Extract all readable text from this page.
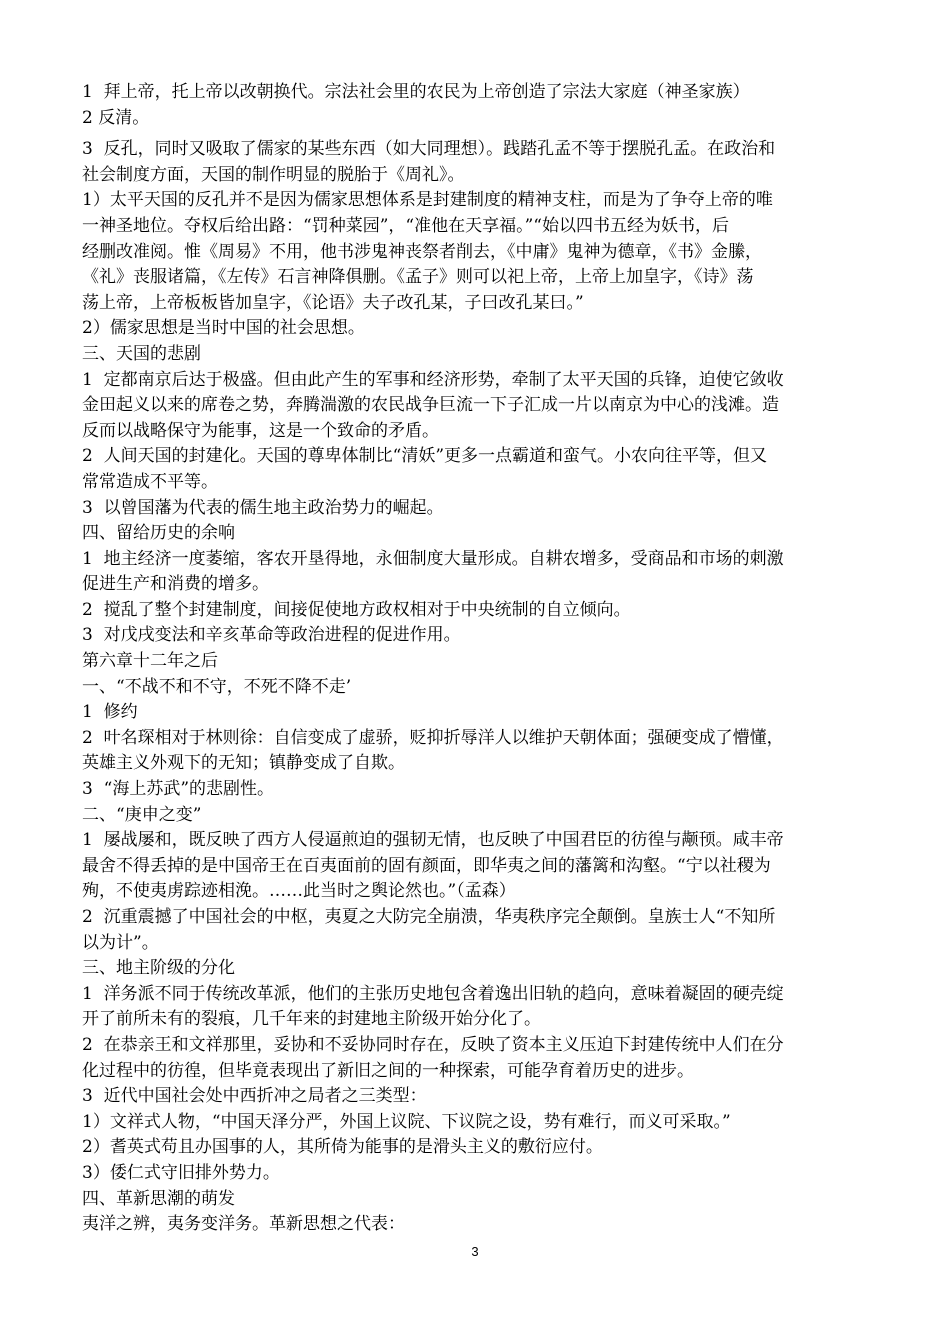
1  拜上帝，托上帝以改朝换代。宗法社会里的农民为上帝创造了宗法大家庭（神圣家族）

2 反清。

3  反孔，同时又吸取了儒家的某些东西（如大同理想）。践踏孔孟不等于摆脱孔孟。在政治和

社会制度方面，天国的制作明显的脱胎于《周礼》。

1）太平天国的反孔并不是因为儒家思想体系是封建制度的精神支柱，而是为了争夺上帝的唯

一神圣地位。夺权后给出路：“罚种菜园”，“准他在天享福。”“始以四书五经为妖书，后

经删改准阅。惟《周易》不用，他书涉鬼神丧祭者削去，《中庸》鬼神为德章，《书》金縢，

《礼》丧服诸篇，《左传》石言神降俱删。《孟子》则可以祀上帝，上帝上加皇字，《诗》荡

荡上帝，上帝板板皆加皇字，《论语》夫子改孔某，子曰改孔某曰。”

2）儒家思想是当时中国的社会思想。

三、天国的悲剧

1  定都南京后达于极盛。但由此产生的军事和经济形势，牵制了太平天国的兵锋，迫使它敛收

金田起义以来的席卷之势，奔腾湍激的农民战争巨流一下子汇成一片以南京为中心的浅滩。造

反而以战略保守为能事，这是一个致命的矛盾。

2  人间天国的封建化。天国的尊卑体制比“清妖”更多一点霸道和蛮气。小农向往平等，但又

常常造成不平等。

3  以曾国藩为代表的儒生地主政治势力的崛起。

四、留给历史的余响

1  地主经济一度萎缩，客农开垦得地，永佃制度大量形成。自耕农增多，受商品和市场的刺激

促进生产和消费的增多。

2  搅乱了整个封建制度，间接促使地方政权相对于中央统制的自立倾向。

3  对戊戌变法和辛亥革命等政治进程的促进作用。

第六章十二年之后

一、“不战不和不守，不死不降不走’

1  修约

2  叶名琛相对于林则徐：自信变成了虚骄，贬抑折辱洋人以维护天朝体面；强硬变成了懵懂，

英雄主义外观下的无知；镇静变成了自欺。

3  “海上苏武”的悲剧性。

二、“庚申之变”

1  屡战屡和，既反映了西方人侵逼煎迫的强韧无情，也反映了中国君臣的彷徨与颟顸。咸丰帝

最舍不得丢掉的是中国帝王在百夷面前的固有颜面，即华夷之间的藩篱和沟壑。“宁以社稷为

殉，不使夷虏踪迹相浼。……此当时之舆论然也。”（孟森）

2  沉重震撼了中国社会的中枢，夷夏之大防完全崩溃，华夷秩序完全颠倒。皇族士人“不知所

以为计”。

三、地主阶级的分化

1  洋务派不同于传统改革派，他们的主张历史地包含着逸出旧轨的趋向，意味着凝固的硬壳绽

开了前所未有的裂痕，几千年来的封建地主阶级开始分化了。

2  在恭亲王和文祥那里，妥协和不妥协同时存在，反映了资本主义压迫下封建传统中人们在分

化过程中的彷徨，但毕竟表现出了新旧之间的一种探索，可能孕育着历史的进步。

3  近代中国社会处中西折冲之局者之三类型：

1）文祥式人物，“中国天泽分严，外国上议院、下议院之设，势有难行，而义可采取。”

2）耆英式苟且办国事的人，其所倚为能事的是滑头主义的敷衍应付。

3）倭仁式守旧排外势力。

四、革新思潮的萌发

夷洋之辨，夷务变洋务。革新思想之代表：

3
